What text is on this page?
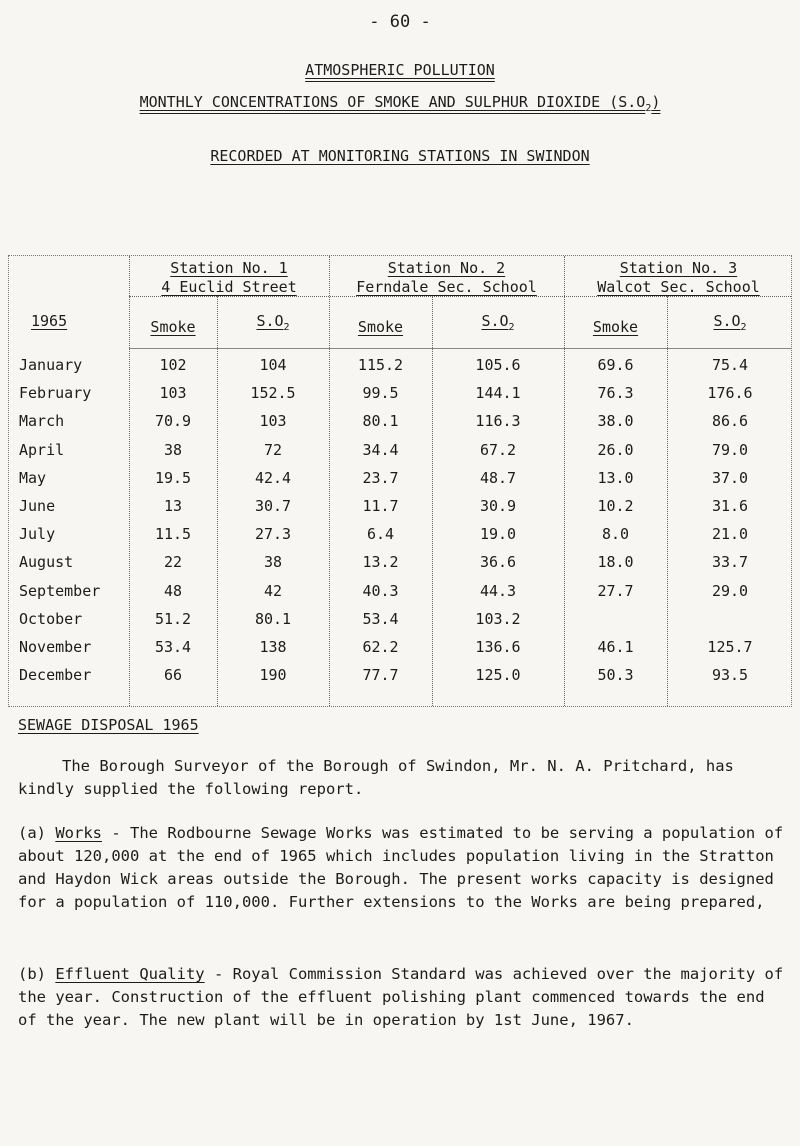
- 60 -
ATMOSPHERIC POLLUTION
MONTHLY CONCENTRATIONS OF SMOKE AND SULPHUR DIOXIDE $(S.O_2)$
RECORDED AT MONITORING STATIONS IN SWINDON
Station No. 1
4 Euclid Street
Station No. 2
Ferndale Sec. School
Station No. 3
Walcot Sec. School
1965	Smoke	$S.O_2$	Smoke	$S.O_2$	Smoke	$S.O_2$
January	102	104	115.2	105.6	69.6	75.4
February	103	152.5	99.5	144.1	76.3	176.6
March	70.9	103	80.1	116.3	38.0	86.6
April	38	72	34.4	67.2	26.0	79.0
May	19.5	42.4	23.7	48.7	13.0	37.0
June	13	30.7	11.7	30.9	10.2	31.6
July	11.5	27.3	6.4	19.0	8.0	21.0
August	22	38	13.2	36.6	18.0	33.7
September	48	42	40.3	44.3	27.7	29.0
October	51.2	80.1	53.4	103.2
November	53.4	138	62.2	136.6	46.1	125.7
December	66	190	77.7	125.0	50.3	93.5
SEWAGE DISPOSAL 1965

The Borough Surveyor of the Borough of Swindon, Mr. N. A. Pritchard, has kindly supplied the following report.

(a) Works - The Rodbourne Sewage Works was estimated to be serving a population of about 120,000 at the end of 1965 which includes population living in the Stratton and Haydon Wick areas outside the Borough. The present works capacity is designed for a population of 110,000. Further extensions to the Works are being prepared,

(b) Effluent Quality - Royal Commission Standard was achieved over the majority of the year. Construction of the effluent polishing plant commenced towards the end of the year. The new plant will be in operation by 1st June, 1967.
